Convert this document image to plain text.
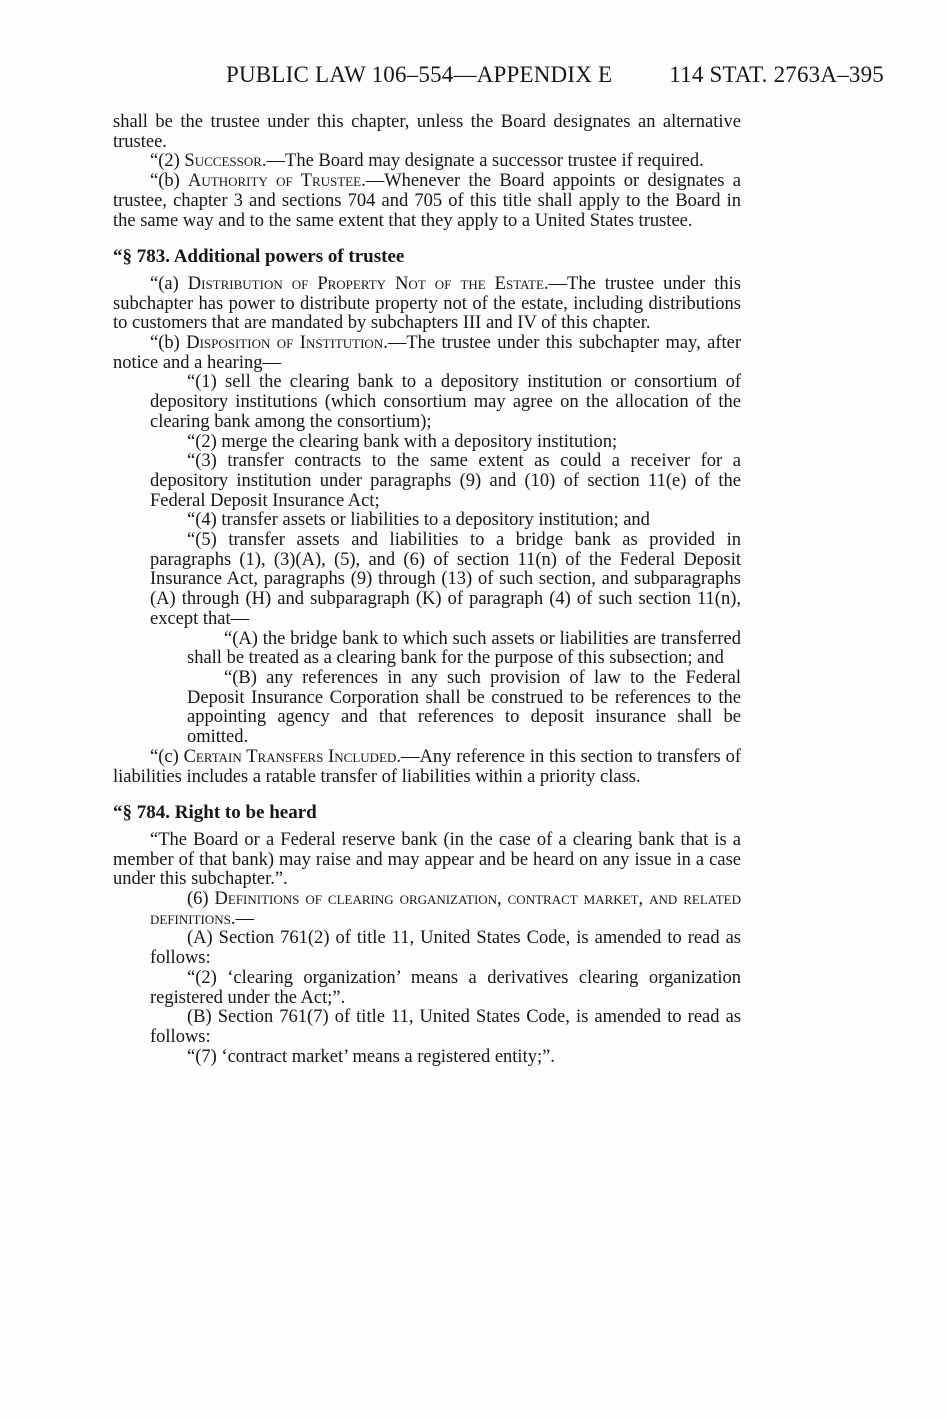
PUBLIC LAW 106–554—APPENDIX E 114 STAT. 2763A–395

shall be the trustee under this chapter, unless the Board designates an alternative trustee.

“(2) Successor.—The Board may designate a successor trustee if required.

“(b) Authority of Trustee.—Whenever the Board appoints or designates a trustee, chapter 3 and sections 704 and 705 of this title shall apply to the Board in the same way and to the same extent that they apply to a United States trustee.

“§ 783. Additional powers of trustee

“(a) Distribution of Property Not of the Estate.—The trustee under this subchapter has power to distribute property not of the estate, including distributions to customers that are mandated by subchapters III and IV of this chapter.

“(b) Disposition of Institution.—The trustee under this subchapter may, after notice and a hearing—

“(1) sell the clearing bank to a depository institution or consortium of depository institutions (which consortium may agree on the allocation of the clearing bank among the consortium);

“(2) merge the clearing bank with a depository institution;

“(3) transfer contracts to the same extent as could a receiver for a depository institution under paragraphs (9) and (10) of section 11(e) of the Federal Deposit Insurance Act;

“(4) transfer assets or liabilities to a depository institution; and

“(5) transfer assets and liabilities to a bridge bank as provided in paragraphs (1), (3)(A), (5), and (6) of section 11(n) of the Federal Deposit Insurance Act, paragraphs (9) through (13) of such section, and subparagraphs (A) through (H) and subparagraph (K) of paragraph (4) of such section 11(n), except that—

“(A) the bridge bank to which such assets or liabilities are transferred shall be treated as a clearing bank for the purpose of this subsection; and

“(B) any references in any such provision of law to the Federal Deposit Insurance Corporation shall be construed to be references to the appointing agency and that references to deposit insurance shall be omitted.

“(c) Certain Transfers Included.—Any reference in this section to transfers of liabilities includes a ratable transfer of liabilities within a priority class.

“§ 784. Right to be heard

“The Board or a Federal reserve bank (in the case of a clearing bank that is a member of that bank) may raise and may appear and be heard on any issue in a case under this subchapter.”.

(6) Definitions of clearing organization, contract market, and related definitions.—

(A) Section 761(2) of title 11, United States Code, is amended to read as follows:

“(2) ‘clearing organization’ means a derivatives clearing organization registered under the Act;”.

(B) Section 761(7) of title 11, United States Code, is amended to read as follows:

“(7) ‘contract market’ means a registered entity;”.
